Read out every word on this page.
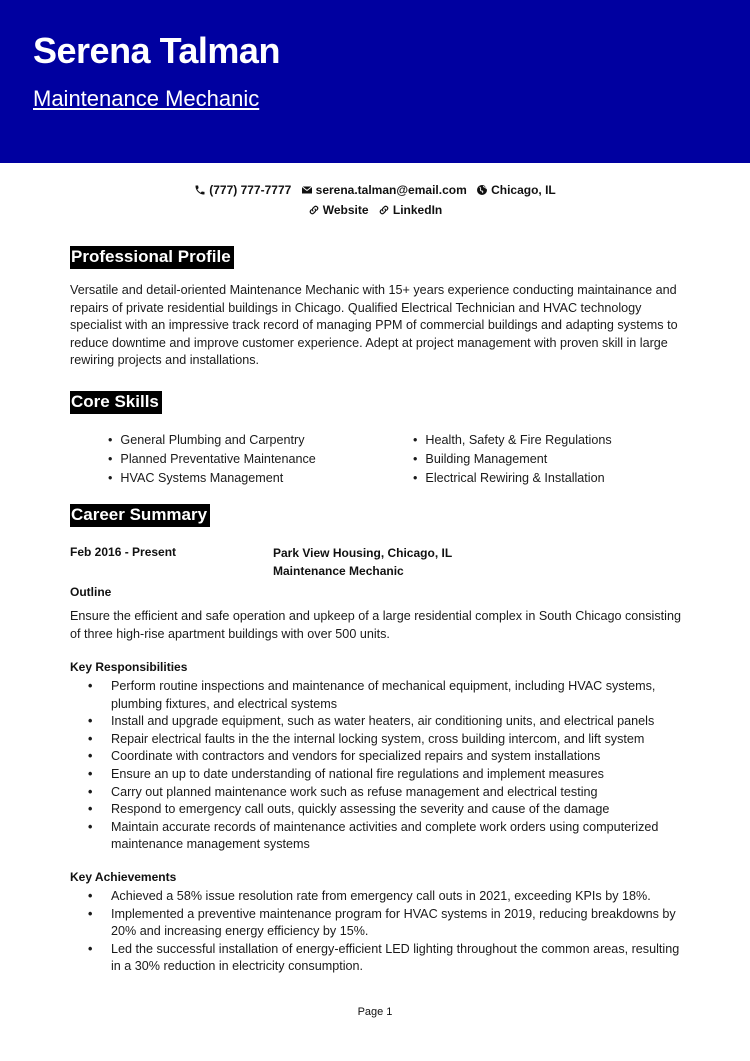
Serena Talman
Maintenance Mechanic
(777) 777-7777
serena.talman@email.com
Chicago, IL
Website
LinkedIn
Professional Profile
Versatile and detail-oriented Maintenance Mechanic with 15+ years experience conducting maintainance and repairs of private residential buildings in Chicago. Qualified Electrical Technician and HVAC technology specialist with an impressive track record of managing PPM of commercial buildings and adapting systems to reduce downtime and improve customer experience. Adept at project management with proven skill in large rewiring projects and installations.
Core Skills
• General Plumbing and Carpentry
• Planned Preventative Maintenance
• HVAC Systems Management
• Health, Safety & Fire Regulations
• Building Management
• Electrical Rewiring & Installation
Career Summary
Feb 2016 - Present	Park View Housing, Chicago, IL
Maintenance Mechanic
Outline
Ensure the efficient and safe operation and upkeep of a large residential complex in South Chicago consisting of three high-rise apartment buildings with over 500 units.
Key Responsibilities
• Perform routine inspections and maintenance of mechanical equipment, including HVAC systems, plumbing fixtures, and electrical systems
• Install and upgrade equipment, such as water heaters, air conditioning units, and electrical panels
• Repair electrical faults in the the internal locking system, cross building intercom, and lift system
• Coordinate with contractors and vendors for specialized repairs and system installations
• Ensure an up to date understanding of national fire regulations and implement measures
• Carry out planned maintenance work such as refuse management and electrical testing
• Respond to emergency call outs, quickly assessing the severity and cause of the damage
• Maintain accurate records of maintenance activities and complete work orders using computerized maintenance management systems
Key Achievements
• Achieved a 58% issue resolution rate from emergency call outs in 2021, exceeding KPIs by 18%.
• Implemented a preventive maintenance program for HVAC systems in 2019, reducing breakdowns by 20% and increasing energy efficiency by 15%.
• Led the successful installation of energy-efficient LED lighting throughout the common areas, resulting in a 30% reduction in electricity consumption.
Page 1
